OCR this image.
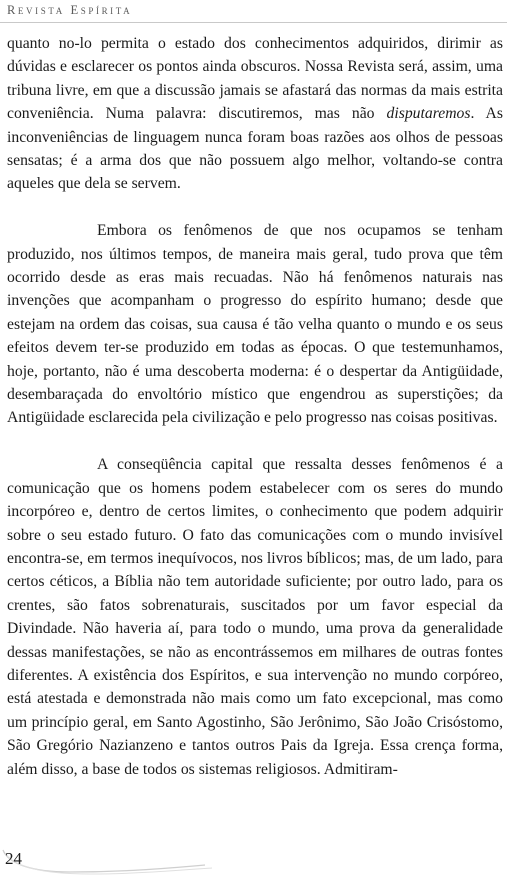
Revista Espírita

quanto no-lo permita o estado dos conhecimentos adquiridos, dirimir as dúvidas e esclarecer os pontos ainda obscuros. Nossa Revista será, assim, uma tribuna livre, em que a discussão jamais se afastará das normas da mais estrita conveniência. Numa palavra: discutiremos, mas não disputaremos. As inconveniências de linguagem nunca foram boas razões aos olhos de pessoas sensatas; é a arma dos que não possuem algo melhor, voltando-se contra aqueles que dela se servem.

Embora os fenômenos de que nos ocupamos se tenham produzido, nos últimos tempos, de maneira mais geral, tudo prova que têm ocorrido desde as eras mais recuadas. Não há fenômenos naturais nas invenções que acompanham o progresso do espírito humano; desde que estejam na ordem das coisas, sua causa é tão velha quanto o mundo e os seus efeitos devem ter-se produzido em todas as épocas. O que testemunhamos, hoje, portanto, não é uma descoberta moderna: é o despertar da Antigüidade, desembaraçada do envoltório místico que engendrou as superstições; da Antigüidade esclarecida pela civilização e pelo progresso nas coisas positivas.

A conseqüência capital que ressalta desses fenômenos é a comunicação que os homens podem estabelecer com os seres do mundo incorpóreo e, dentro de certos limites, o conhecimento que podem adquirir sobre o seu estado futuro. O fato das comunicações com o mundo invisível encontra-se, em termos inequívocos, nos livros bíblicos; mas, de um lado, para certos céticos, a Bíblia não tem autoridade suficiente; por outro lado, para os crentes, são fatos sobrenaturais, suscitados por um favor especial da Divindade. Não haveria aí, para todo o mundo, uma prova da generalidade dessas manifestações, se não as encontrássemos em milhares de outras fontes diferentes. A existência dos Espíritos, e sua intervenção no mundo corpóreo, está atestada e demonstrada não mais como um fato excepcional, mas como um princípio geral, em Santo Agostinho, São Jerônimo, São João Crisóstomo, São Gregório Nazianzeno e tantos outros Pais da Igreja. Essa crença forma, além disso, a base de todos os sistemas religiosos. Admitiram-

24
